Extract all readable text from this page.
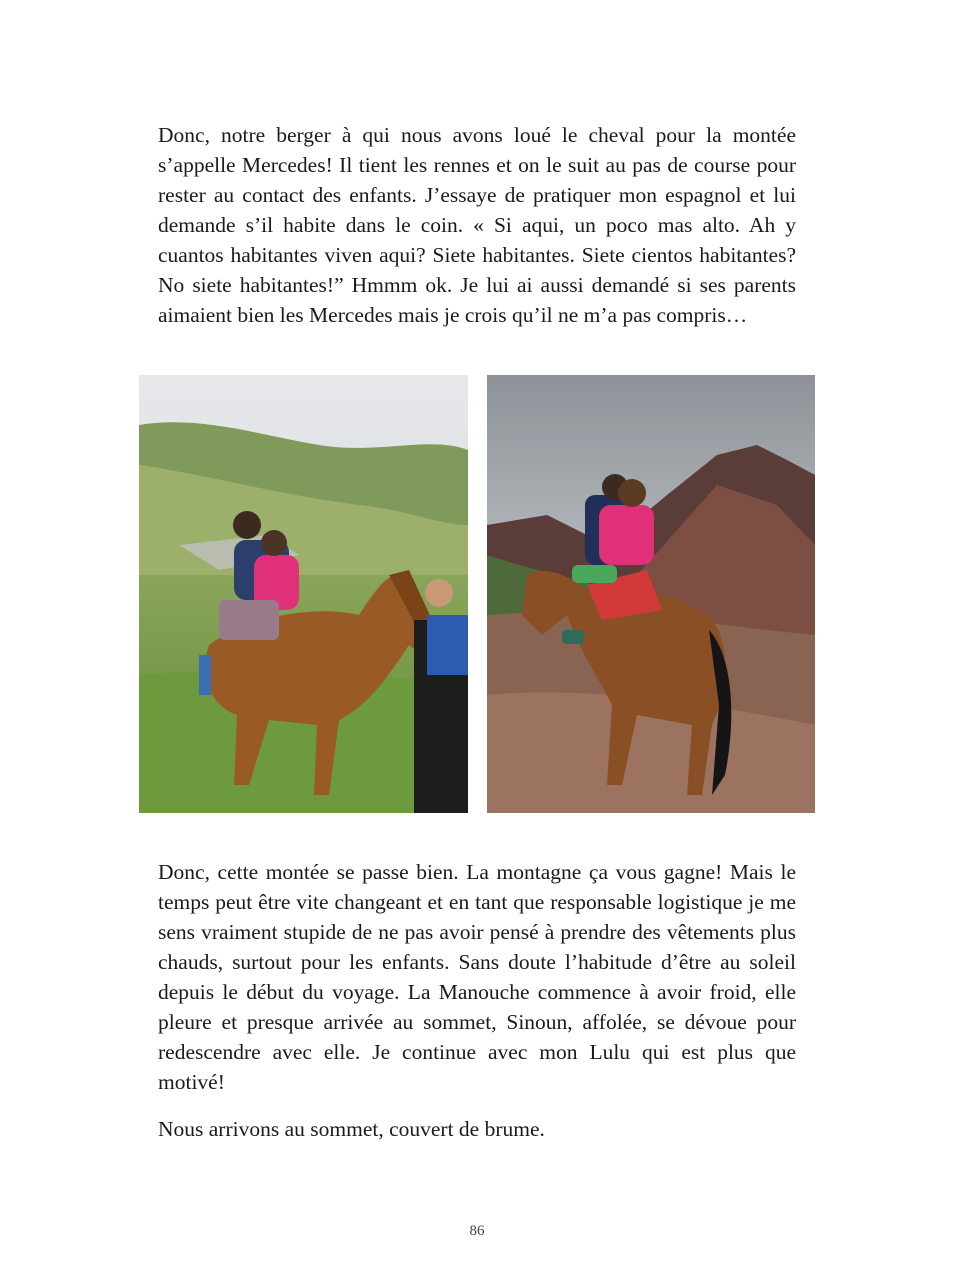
Donc, notre berger à qui nous avons loué le cheval pour la montée s’appelle Mercedes! Il tient les rennes et on le suit au pas de course pour rester au contact des enfants. J’essaye de pratiquer mon espagnol et lui demande s’il habite dans le coin. « Si aqui, un poco mas alto. Ah y cuantos habitantes viven aqui? Siete habitantes. Siete cientos habitantes? No siete habitantes!” Hmmm ok. Je lui ai aussi demandé si ses parents aimaient bien les Mercedes mais je crois qu’il ne m’a pas compris…

Donc, cette montée se passe bien. La montagne ça vous gagne! Mais le temps peut être vite changeant et en tant que responsable logistique je me sens vraiment stupide de ne pas avoir pensé à prendre des vêtements plus chauds, surtout pour les enfants. Sans doute l’habitude d’être au soleil depuis le début du voyage. La Manouche commence à avoir froid, elle pleure et presque arrivée au sommet, Sinoun, affolée, se dévoue pour redescendre avec elle. Je continue avec mon Lulu qui est plus que motivé!

Nous arrivons au sommet, couvert de brume.

86
